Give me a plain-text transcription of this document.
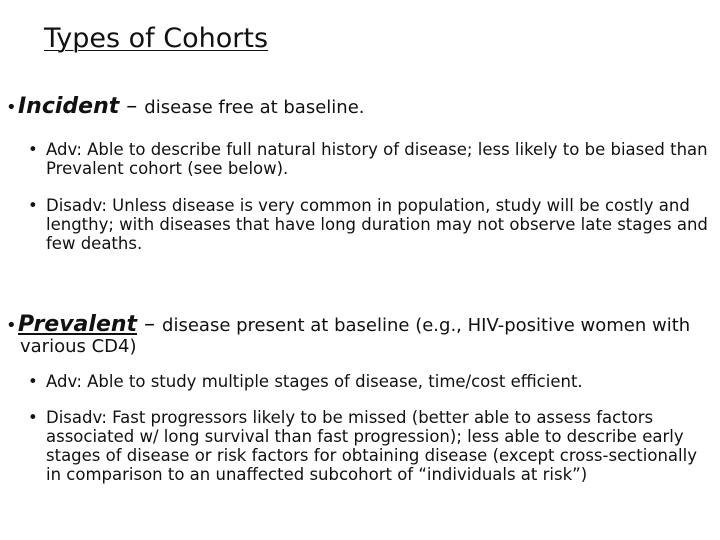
Types of Cohorts
•Incident – disease free at baseline.
• Adv: Able to describe full natural history of disease; less likely to be biased than Prevalent cohort (see below).
• Disadv: Unless disease is very common in population, study will be costly and lengthy; with diseases that have long duration may not observe late stages and few deaths.
•Prevalent – disease present at baseline (e.g., HIV-positive women with
various CD4)
• Adv: Able to study multiple stages of disease, time/cost efficient.
• Disadv: Fast progressors likely to be missed (better able to assess factors associated w/ long survival than fast progression); less able to describe early stages of disease or risk factors for obtaining disease (except cross-sectionally in comparison to an unaffected subcohort of “individuals at risk”)
